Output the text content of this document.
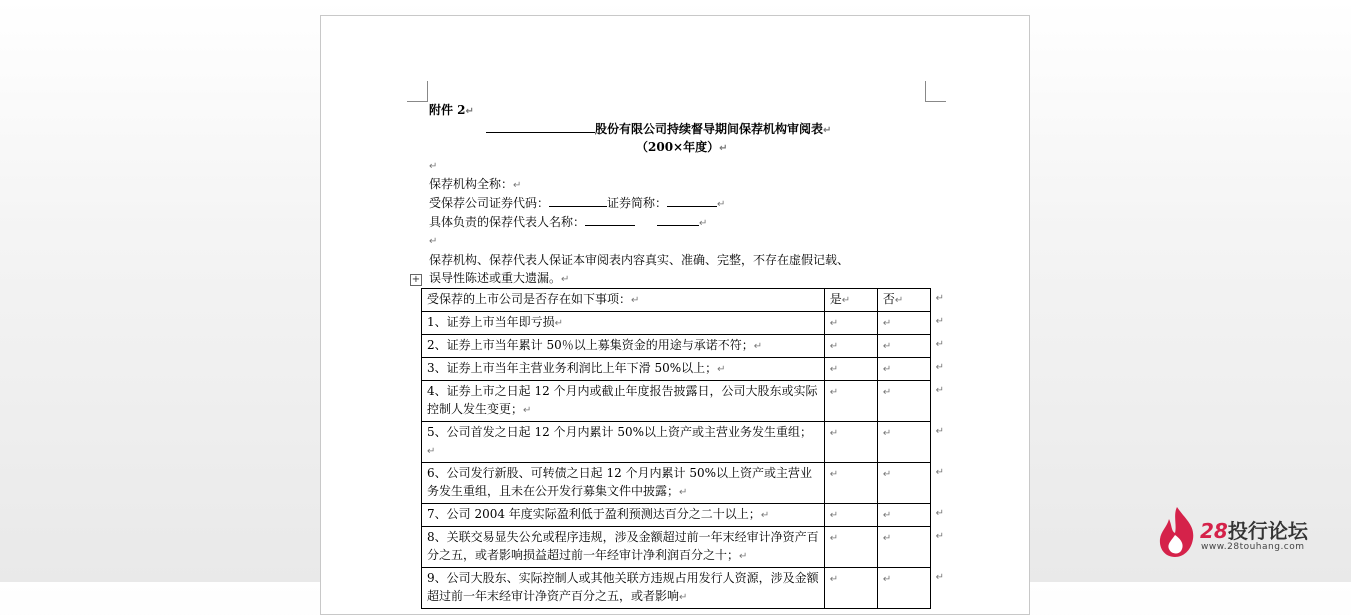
附件 2↵
股份有限公司持续督导期间保荐机构审阅表↵
（200×年度）↵
↵
保荐机构全称：↵
受保荐公司证券代码：	证券简称：	↵
具体负责的保荐代表人名称：	↵
↵
保荐机构、保荐代表人保证本审阅表内容真实、准确、完整，不存在虚假记载、
误导性陈述或重大遗漏。↵
+
受保荐的上市公司是否存在如下事项：↵	是↵	否↵ ↵

1、证券上市当年即亏损↵	↵	↵ ↵

2、证券上市当年累计 50％以上募集资金的用途与承诺不符；↵	↵	↵ ↵

3、证券上市当年主营业务利润比上年下滑 50%以上；↵	↵	↵ ↵

4、证券上市之日起 12 个月内或截止年度报告披露日，公司大股东或实际控制人发生变更；↵	↵	↵ ↵

5、公司首发之日起 12 个月内累计 50%以上资产或主营业务发生重组；↵	↵	↵ ↵

6、公司发行新股、可转债之日起 12 个月内累计 50%以上资产或主营业务发生重组，且未在公开发行募集文件中披露；↵	↵	↵ ↵

7、公司 2004 年度实际盈利低于盈利预测达百分之二十以上；↵	↵	↵ ↵

8、关联交易显失公允或程序违规，涉及金额超过前一年末经审计净资产百分之五，或者影响损益超过前一年经审计净利润百分之十；↵	↵	↵ ↵

9、公司大股东、实际控制人或其他关联方违规占用发行人资源，涉及金额超过前一年末经审计净资产百分之五，或者影响↵	↵	↵ ↵
28投行论坛
www.28touhang.com
